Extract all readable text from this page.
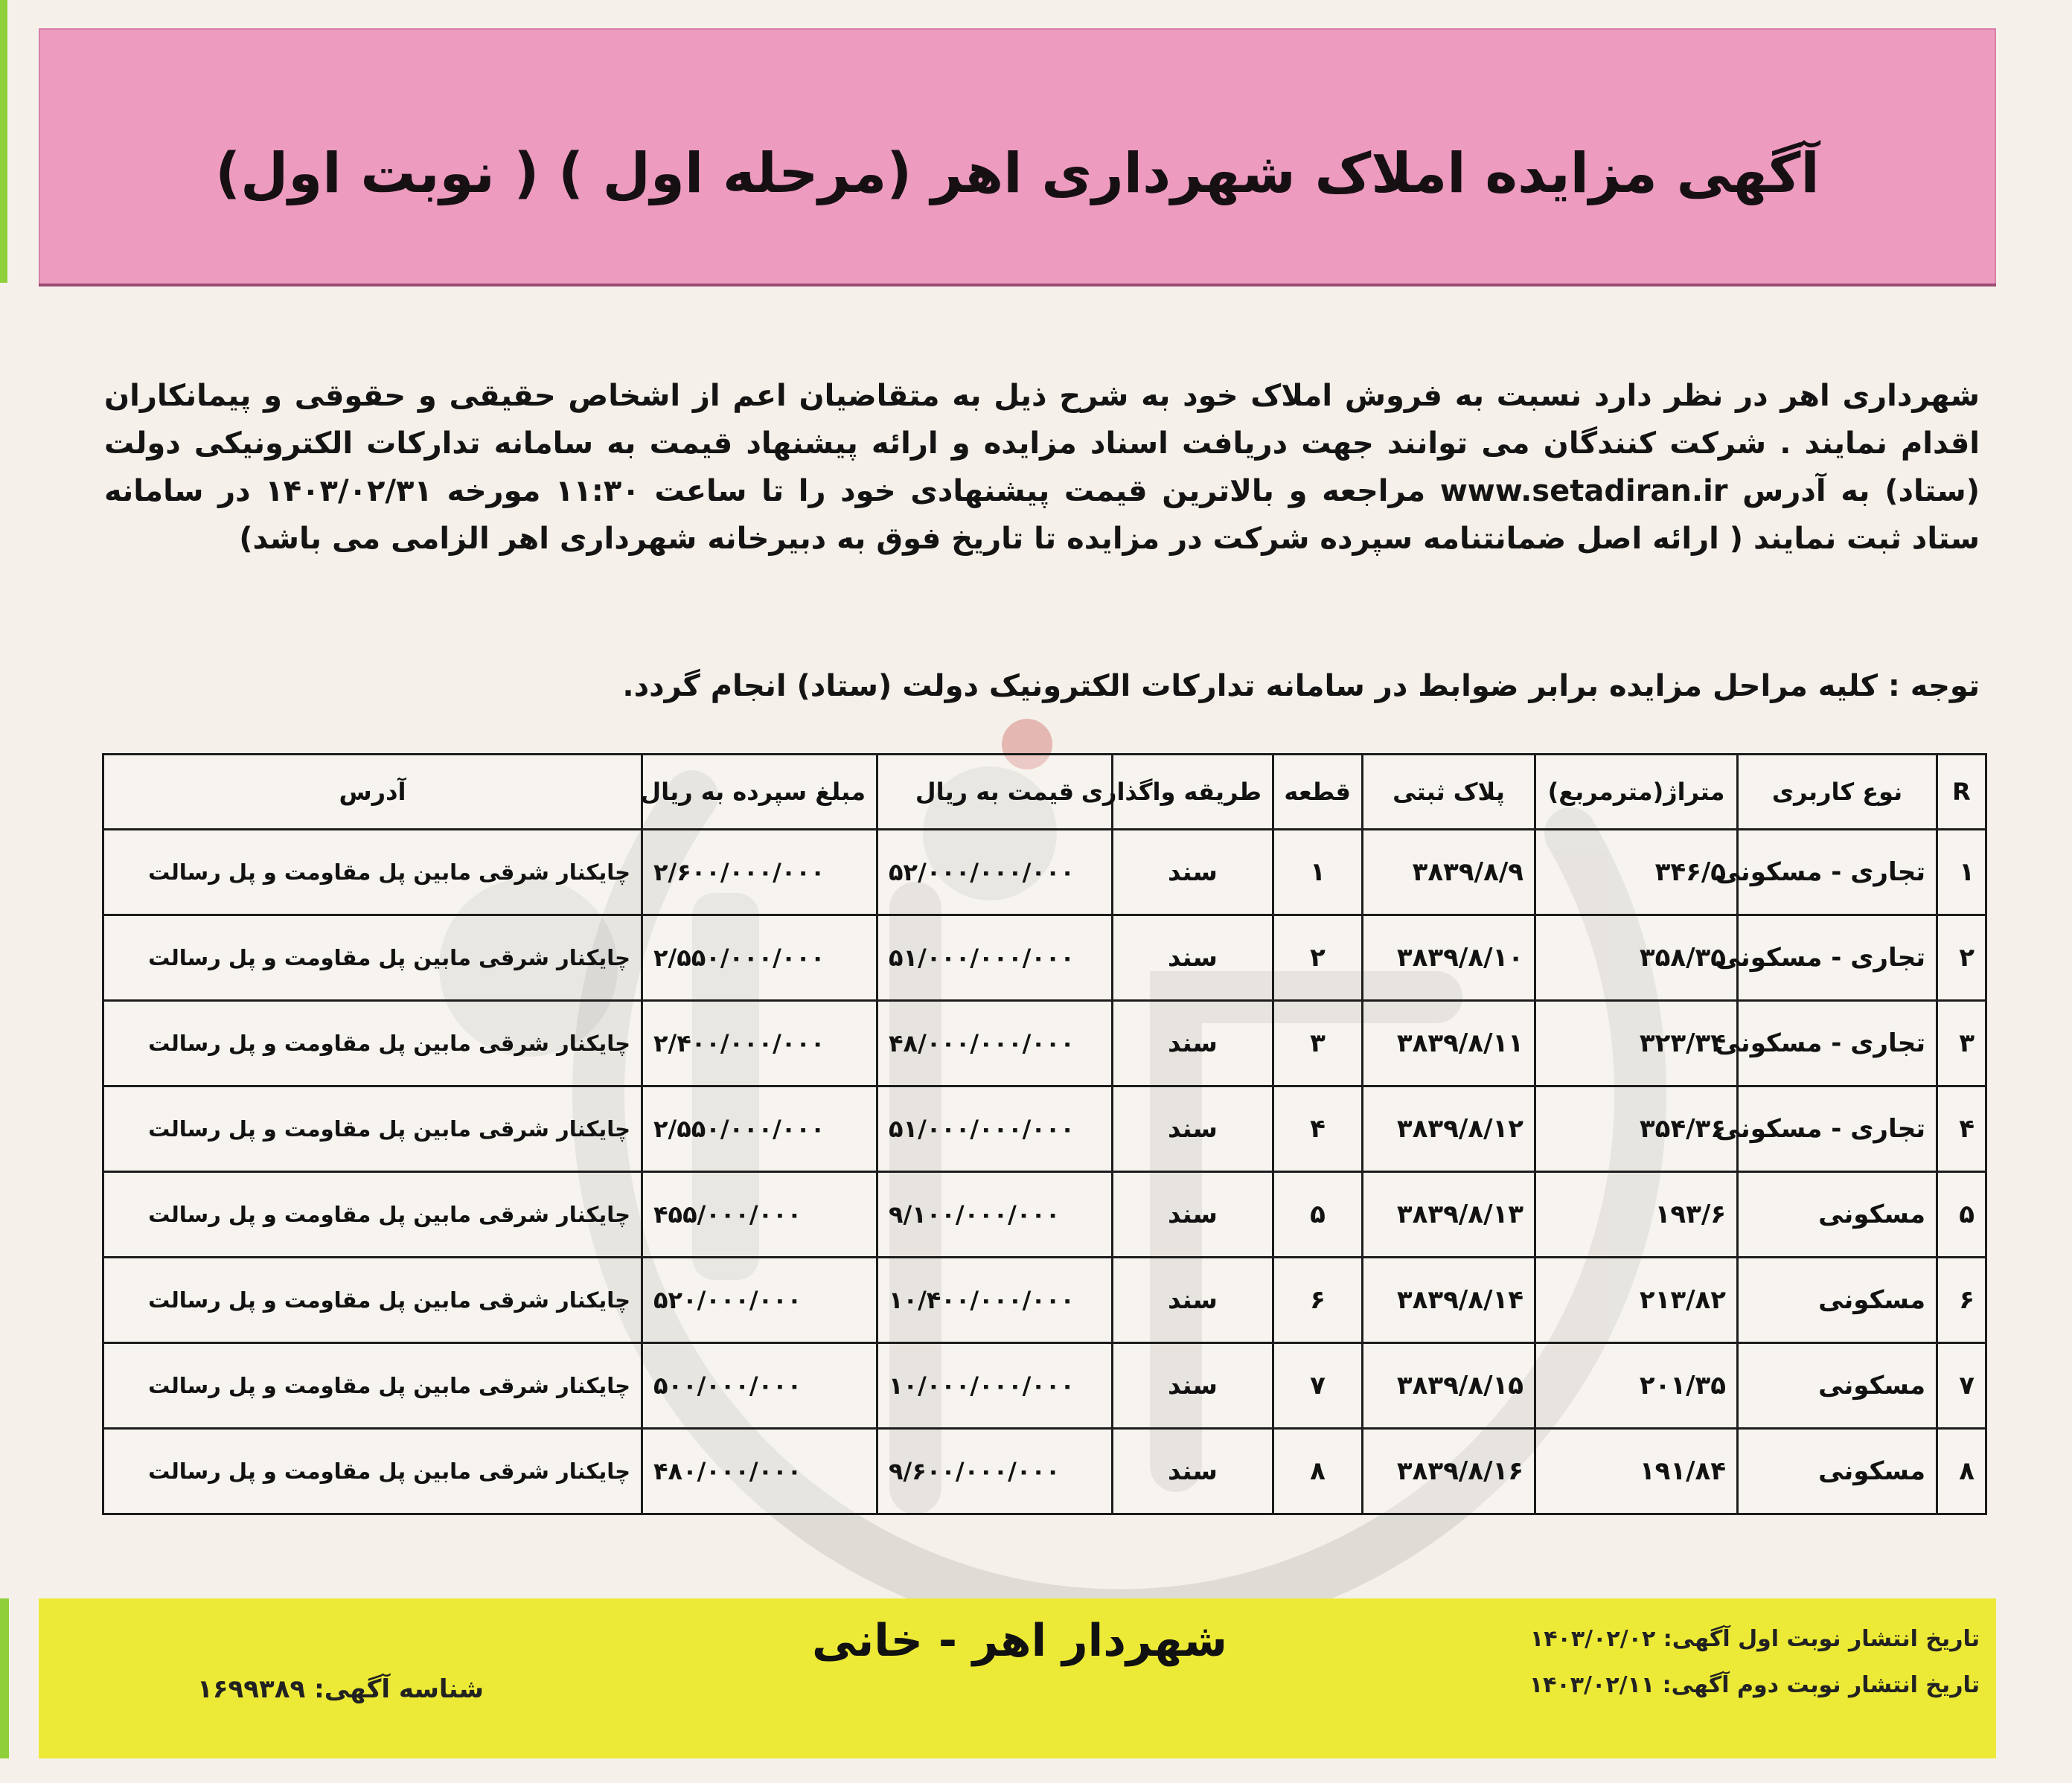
آگهی مزایده املاک شهرداری اهر (مرحله اول ) ( نوبت اول)

شهرداری اهر در نظر دارد نسبت به فروش املاک خود به شرح ذیل به متقاضیان اعم از اشخاص حقیقی و حقوقی و پیمانکاران اقدام نمایند . شرکت کنندگان می توانند جهت دریافت اسناد مزایده و ارائه پیشنهاد قیمت به سامانه تدارکات الکترونیکی دولت (ستاد) به آدرس www.setadiran.ir مراجعه و بالاترین قیمت پیشنهادی خود را تا ساعت ۱۱:۳۰ مورخه ۱۴۰۳/۰۲/۳۱ در سامانه ستاد ثبت نمایند ( ارائه اصل ضمانتنامه سپرده شرکت در مزایده تا تاریخ فوق به دبیرخانه شهرداری اهر الزامی می باشد)

توجه : کلیه مراحل مزایده برابر ضوابط در سامانه تدارکات الکترونیک دولت (ستاد) انجام گردد.
R	نوع کاربری	متراژ(مترمربع)	پلاک ثبتی	قطعه	طریقه واگذاری	قیمت به ریال	مبلغ سپرده به ریال	آدرس
۱	تجاری - مسکونی	۳۴۶/۵	۳۸۳۹/۸/۹	۱	سند	۵۲/۰۰۰/۰۰۰/۰۰۰	۲/۶۰۰/۰۰۰/۰۰۰	چایکنار شرقی مابین پل مقاومت و پل رسالت
۲	تجاری - مسکونی	۳۵۸/۳۵	۳۸۳۹/۸/۱۰	۲	سند	۵۱/۰۰۰/۰۰۰/۰۰۰	۲/۵۵۰/۰۰۰/۰۰۰	چایکنار شرقی مابین پل مقاومت و پل رسالت
۳	تجاری - مسکونی	۳۲۳/۳۴	۳۸۳۹/۸/۱۱	۳	سند	۴۸/۰۰۰/۰۰۰/۰۰۰	۲/۴۰۰/۰۰۰/۰۰۰	چایکنار شرقی مابین پل مقاومت و پل رسالت
۴	تجاری - مسکونی	۳۵۴/۳۶	۳۸۳۹/۸/۱۲	۴	سند	۵۱/۰۰۰/۰۰۰/۰۰۰	۲/۵۵۰/۰۰۰/۰۰۰	چایکنار شرقی مابین پل مقاومت و پل رسالت
۵	مسکونی	۱۹۳/۶	۳۸۳۹/۸/۱۳	۵	سند	۹/۱۰۰/۰۰۰/۰۰۰	۴۵۵/۰۰۰/۰۰۰	چایکنار شرقی مابین پل مقاومت و پل رسالت
۶	مسکونی	۲۱۳/۸۲	۳۸۳۹/۸/۱۴	۶	سند	۱۰/۴۰۰/۰۰۰/۰۰۰	۵۲۰/۰۰۰/۰۰۰	چایکنار شرقی مابین پل مقاومت و پل رسالت
۷	مسکونی	۲۰۱/۳۵	۳۸۳۹/۸/۱۵	۷	سند	۱۰/۰۰۰/۰۰۰/۰۰۰	۵۰۰/۰۰۰/۰۰۰	چایکنار شرقی مابین پل مقاومت و پل رسالت
۸	مسکونی	۱۹۱/۸۴	۳۸۳۹/۸/۱۶	۸	سند	۹/۶۰۰/۰۰۰/۰۰۰	۴۸۰/۰۰۰/۰۰۰	چایکنار شرقی مابین پل مقاومت و پل رسالت
شهردار اهر - خانی
شناسه آگهی: ۱۶۹۹۳۸۹
تاریخ انتشار نوبت اول آگهی: ۱۴۰۳/۰۲/۰۲
تاریخ انتشار نوبت دوم آگهی: ۱۴۰۳/۰۲/۱۱
